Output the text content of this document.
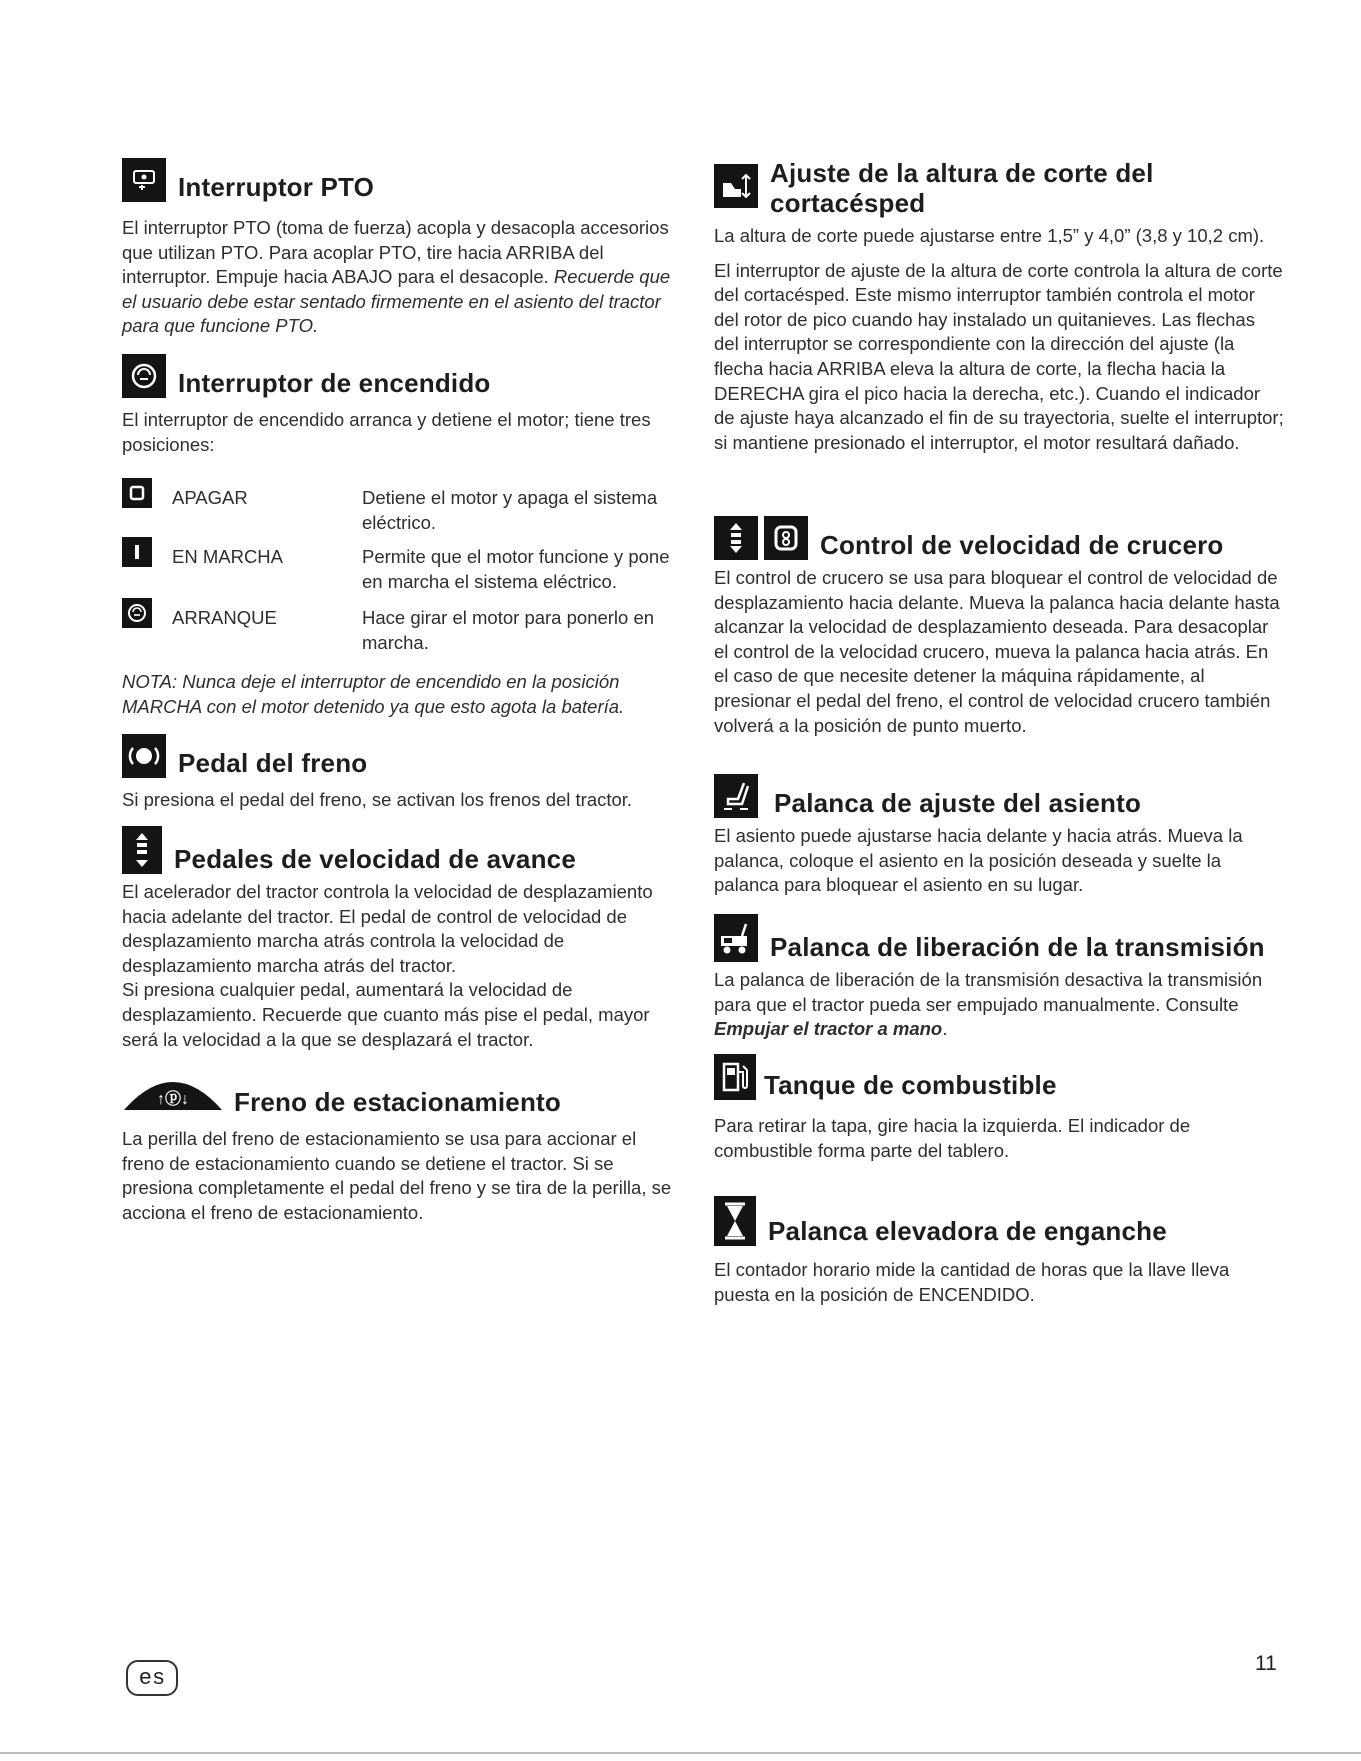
Interruptor PTO

El interruptor PTO (toma de fuerza) acopla y desacopla accesorios que utilizan PTO. Para acoplar PTO, tire hacia ARRIBA del interruptor. Empuje hacia ABAJO para el desacople. Recuerde que el usuario debe estar sentado firmemente en el asiento del tractor para que funcione PTO.

Interruptor de encendido

El interruptor de encendido arranca y detiene el motor; tiene tres posiciones:

APAGAR	Detiene el motor y apaga el sistema eléctrico.
EN MARCHA	Permite que el motor funcione y pone en marcha el sistema eléctrico.
ARRANQUE	Hace girar el motor para ponerlo en marcha.

NOTA: Nunca deje el interruptor de encendido en la posición MARCHA con el motor detenido ya que esto agota la batería.

Pedal del freno

Si presiona el pedal del freno, se activan los frenos del tractor.

Pedales de velocidad de avance

El acelerador del tractor controla la velocidad de desplazamiento hacia adelante del tractor. El pedal de control de velocidad de desplazamiento marcha atrás controla la velocidad de desplazamiento marcha atrás del tractor.

Si presiona cualquier pedal, aumentará la velocidad de desplazamiento. Recuerde que cuanto más pise el pedal, mayor será la velocidad a la que se desplazará el tractor.

↑ⓟ↓ Freno de estacionamiento

La perilla del freno de estacionamiento se usa para accionar el freno de estacionamiento cuando se detiene el tractor. Si se presiona completamente el pedal del freno y se tira de la perilla, se acciona el freno de estacionamiento.

Ajuste de la altura de corte del cortacésped

La altura de corte puede ajustarse entre 1,5” y 4,0” (3,8 y 10,2 cm).

El interruptor de ajuste de la altura de corte controla la altura de corte del cortacésped. Este mismo interruptor también controla el motor del rotor de pico cuando hay instalado un quitanieves. Las flechas del interruptor se correspondiente con la dirección del ajuste (la flecha hacia ARRIBA eleva la altura de corte, la flecha hacia la DERECHA gira el pico hacia la derecha, etc.). Cuando el indicador de ajuste haya alcanzado el fin de su trayectoria, suelte el interruptor; si mantiene presionado el interruptor, el motor resultará dañado.

Control de velocidad de crucero

El control de crucero se usa para bloquear el control de velocidad de desplazamiento hacia delante. Mueva la palanca hacia delante hasta alcanzar la velocidad de desplazamiento deseada. Para desacoplar el control de la velocidad crucero, mueva la palanca hacia atrás. En el caso de que necesite detener la máquina rápidamente, al presionar el pedal del freno, el control de velocidad crucero también volverá a la posición de punto muerto.

Palanca de ajuste del asiento

El asiento puede ajustarse hacia delante y hacia atrás. Mueva la palanca, coloque el asiento en la posición deseada y suelte la palanca para bloquear el asiento en su lugar.

Palanca de liberación de la transmisión

La palanca de liberación de la transmisión desactiva la transmisión para que el tractor pueda ser empujado manualmente. Consulte Empujar el tractor a mano.

Tanque de combustible

Para retirar la tapa, gire hacia la izquierda. El indicador de combustible forma parte del tablero.

Palanca elevadora de enganche

El contador horario mide la cantidad de horas que la llave lleva puesta en la posición de ENCENDIDO.

es
11
